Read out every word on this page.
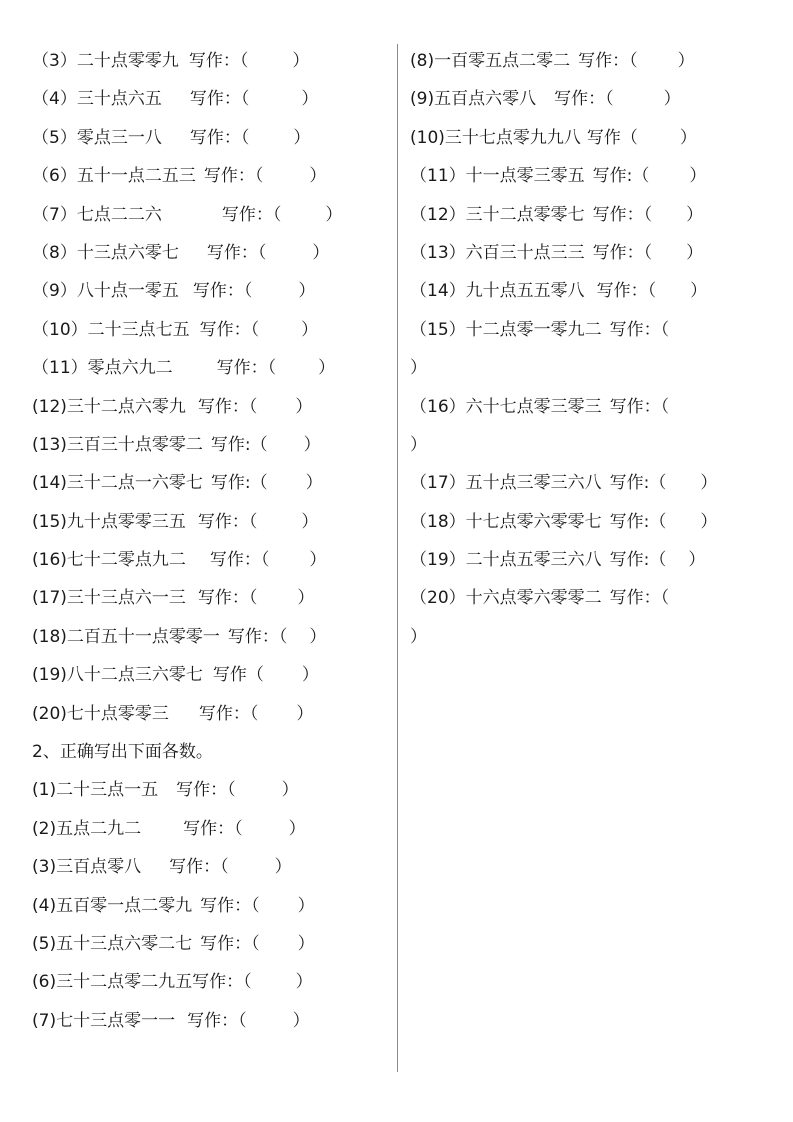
（3）二十点零零九 写作：（	）
（4）三十点六五 写作：（	）
（5）零点三一八 写作：（	）
（6）五十一点二五三 写作：（	）
（7）七点二二六	写作：（	）
（8）十三点六零七 写作：（	）
（9）八十点一零五 写作：（	）
（10）二十三点七五 写作：（ ）
（11）零点六九二	写作：（ ）
(12)三十二点六零九 写作：（ ）
(13)三百三十点零零二 写作:（ ）
(14)三十二点一六零七 写作:（ ）
(15)九十点零零三五 写作：（	）
(16)七十二零点九二 写作：（ ）
(17)三十三点六一三 写作：（ ）
(18)二百五十一点零零一 写作：（ ）
(19)八十二点三六零七 写作（ ）
(20)七十点零零三 写作：（ ）
2、正确写出下面各数。
(1)二十三点一五 写作：（	）
(2)五点二九二 写作：（	）
(3)三百点零八 写作：（	）
(4)五百零一点二零九 写作：（ ）
(5)五十三点六零二七 写作：（ ）
(6)三十二点零二九五写作：（	）
(7)七十三点零一一 写作：（	）
(8)一百零五点二零二 写作：（ ）
(9)五百点六零八 写作：（	）
(10)三十七点零九九八 写作（ ）
（11）十一点零三零五 写作:（ ）
（12）三十二点零零七 写作：（ ）
（13）六百三十点三三 写作：（ ）
（14）九十点五五零八 写作：（ ）
（15）十二点零一零九二 写作：（
）
（16）六十七点零三零三 写作：（
）
（17）五十点三零三六八 写作:（ ）
（18）十七点零六零零七 写作:（ ）
（19）二十点五零三六八 写作:（ ）
（20）十六点零六零零二 写作：（
）
